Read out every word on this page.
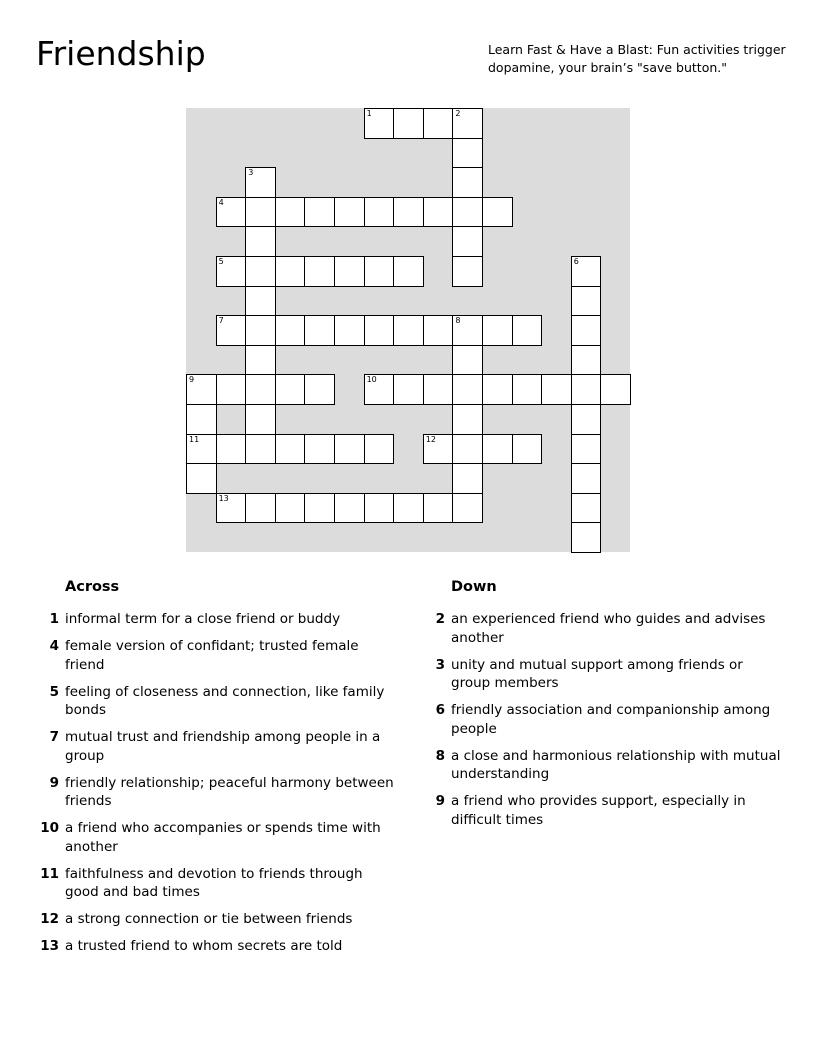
Friendship	Learn Fast & Have a Blast: Fun activities trigger dopamine, your brain’s "save button."
1	2
3
4
5	6
7	8
9	10
11	12
13
Across
1 informal term for a close friend or buddy
4 female version of confidant; trusted female friend
5 feeling of closeness and connection, like family bonds
7 mutual trust and friendship among people in a group
9 friendly relationship; peaceful harmony between friends
10 a friend who accompanies or spends time with another
11 faithfulness and devotion to friends through good and bad times
12 a strong connection or tie between friends
13 a trusted friend to whom secrets are told
Down
2 an experienced friend who guides and advises another
3 unity and mutual support among friends or group members
6 friendly association and companionship among people
8 a close and harmonious relationship with mutual understanding
9 a friend who provides support, especially in difficult times
